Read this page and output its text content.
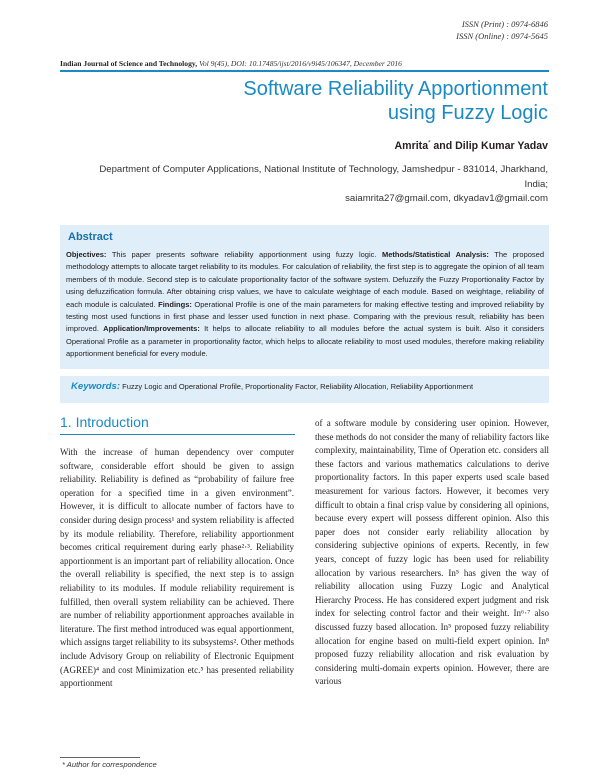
ISSN (Print) : 0974-6846
ISSN (Online) : 0974-5645
Indian Journal of Science and Technology, Vol 9(45), DOI: 10.17485/ijst/2016/v9i45/106347, December 2016
Software Reliability Apportionment
using Fuzzy Logic
Amrita* and Dilip Kumar Yadav
Department of Computer Applications, National Institute of Technology, Jamshedpur - 831014, Jharkhand, India;
saiamrita27@gmail.com, dkyadav1@gmail.com
Abstract
Objectives: This paper presents software reliability apportionment using fuzzy logic. Methods/Statistical Analysis: The proposed methodology attempts to allocate target reliability to its modules. For calculation of reliability, the first step is to aggregate the opinion of all team members of th module. Second step is to calculate proportionality factor of the software system. Defuzzify the Fuzzy Proportionality Factor by using defuzzification formula. After obtaining crisp values, we have to calculate weightage of each module. Based on weightage, reliability of each module is calculated. Findings: Operational Profile is one of the main parameters for making effective testing and improved reliability by testing most used functions in first phase and lesser used function in next phase. Comparing with the previous result, reliability has been improved. Application/Improvements: It helps to allocate reliability to all modules before the actual system is built. Also it considers Operational Profile as a parameter in proportionality factor, which helps to allocate reliability to most used modules, therefore making reliability apportionment beneficial for every module.
Keywords: Fuzzy Logic and Operational Profile, Proportionality Factor, Reliability Allocation, Reliability Apportionment
1. Introduction
With the increase of human dependency over computer software, considerable effort should be given to assign reliability. Reliability is defined as “probability of failure free operation for a specified time in a given environment”. However, it is difficult to allocate number of factors have to consider during design process¹ and system reliability is affected by its module reliability. Therefore, reliability apportionment becomes critical requirement during early phase²·³. Reliability apportionment is an important part of reliability allocation. Once the overall reliability is specified, the next step is to assign reliability to its modules. If module reliability requirement is fulfilled, then overall system reliability can be achieved. There are number of reliability apportionment approaches available in literature. The first method introduced was equal apportionment, which assigns target reliability to its subsystems². Other methods include Advisory Group on reliability of Electronic Equipment (AGREE)⁴ and cost Minimization etc.⁵ has presented reliability apportionment
of a software module by considering user opinion. However, these methods do not consider the many of reliability factors like complexity, maintainability, Time of Operation etc. considers all these factors and various mathematics calculations to derive proportionality factors. In this paper experts used scale based measurement for various factors. However, it becomes very difficult to obtain a final crisp value by considering all opinions, because every expert will possess different opinion. Also this paper does not consider early reliability allocation by considering subjective opinions of experts. Recently, in few years, concept of fuzzy logic has been used for reliability allocation by various researchers. In⁵ has given the way of reliability allocation using Fuzzy Logic and Analytical Hierarchy Process. He has considered expert judgment and risk index for selecting control factor and their weight. In⁶·⁷ also discussed fuzzy based allocation. In⁵ proposed fuzzy reliability allocation for engine based on multi-field expert opinion. In⁸ proposed fuzzy reliability allocation and risk evaluation by considering multi-domain experts opinion. However, there are various
* Author for correspondence
